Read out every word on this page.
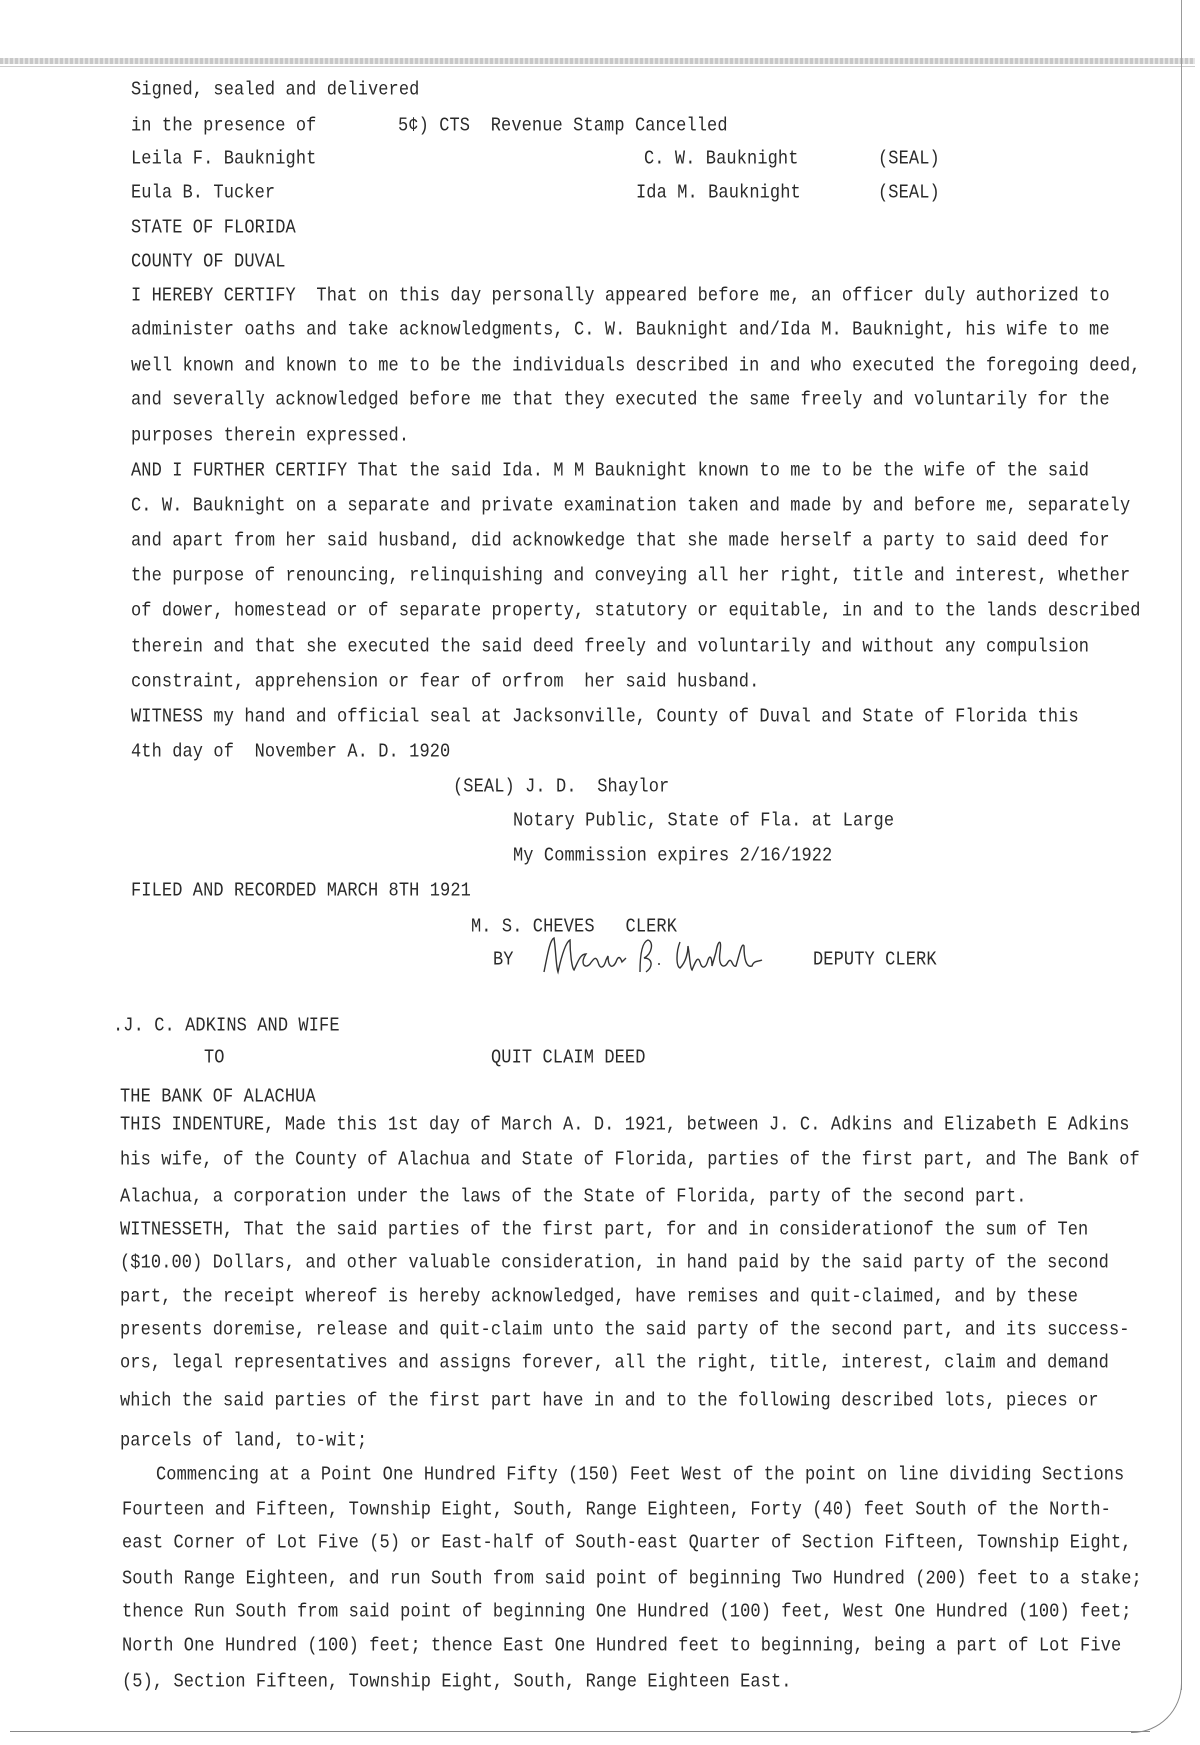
Signed, sealed and delivered
in the presence of	5¢) CTS  Revenue Stamp Cancelled
Leila F. Bauknight	C. W. Bauknight	(SEAL)
Eula B. Tucker	Ida M. Bauknight	(SEAL)
STATE OF FLORIDA
COUNTY OF DUVAL
I HEREBY CERTIFY  That on this day personally appeared before me, an officer duly authorized to
administer oaths and take acknowledgments, C. W. Bauknight and/Ida M. Bauknight, his wife to me
well known and known to me to be the individuals described in and who executed the foregoing deed,
and severally acknowledged before me that they executed the same freely and voluntarily for the
purposes therein expressed.
AND I FURTHER CERTIFY That the said Ida. M M Bauknight known to me to be the wife of the said
C. W. Bauknight on a separate and private examination taken and made by and before me, separately
and apart from her said husband, did acknowkedge that she made herself a party to said deed for
the purpose of renouncing, relinquishing and conveying all her right, title and interest, whether
of dower, homestead or of separate property, statutory or equitable, in and to the lands described
therein and that she executed the said deed freely and voluntarily and without any compulsion
constraint, apprehension or fear of orfrom  her said husband.
WITNESS my hand and official seal at Jacksonville, County of Duval and State of Florida this
4th day of  November A. D. 1920
(SEAL) J. D.  Shaylor
Notary Public, State of Fla. at Large
My Commission expires 2/16/1922
FILED AND RECORDED MARCH 8TH 1921
M. S. CHEVES   CLERK
BY	DEPUTY CLERK
.J. C. ADKINS AND WIFE
TO	QUIT CLAIM DEED
THE BANK OF ALACHUA
THIS INDENTURE, Made this 1st day of March A. D. 1921, between J. C. Adkins and Elizabeth E Adkins
his wife, of the County of Alachua and State of Florida, parties of the first part, and The Bank of
Alachua, a corporation under the laws of the State of Florida, party of the second part.
WITNESSETH, That the said parties of the first part, for and in considerationof the sum of Ten
($10.00) Dollars, and other valuable consideration, in hand paid by the said party of the second
part, the receipt whereof is hereby acknowledged, have remises and quit-claimed, and by these
presents doremise, release and quit-claim unto the said party of the second part, and its success-
ors, legal representatives and assigns forever, all the right, title, interest, claim and demand
which the said parties of the first part have in and to the following described lots, pieces or
parcels of land, to-wit;
Commencing at a Point One Hundred Fifty (150) Feet West of the point on line dividing Sections
Fourteen and Fifteen, Township Eight, South, Range Eighteen, Forty (40) feet South of the North-
east Corner of Lot Five (5) or East-half of South-east Quarter of Section Fifteen, Township Eight,
South Range Eighteen, and run South from said point of beginning Two Hundred (200) feet to a stake;
thence Run South from said point of beginning One Hundred (100) feet, West One Hundred (100) feet;
North One Hundred (100) feet; thence East One Hundred feet to beginning, being a part of Lot Five
(5), Section Fifteen, Township Eight, South, Range Eighteen East.
